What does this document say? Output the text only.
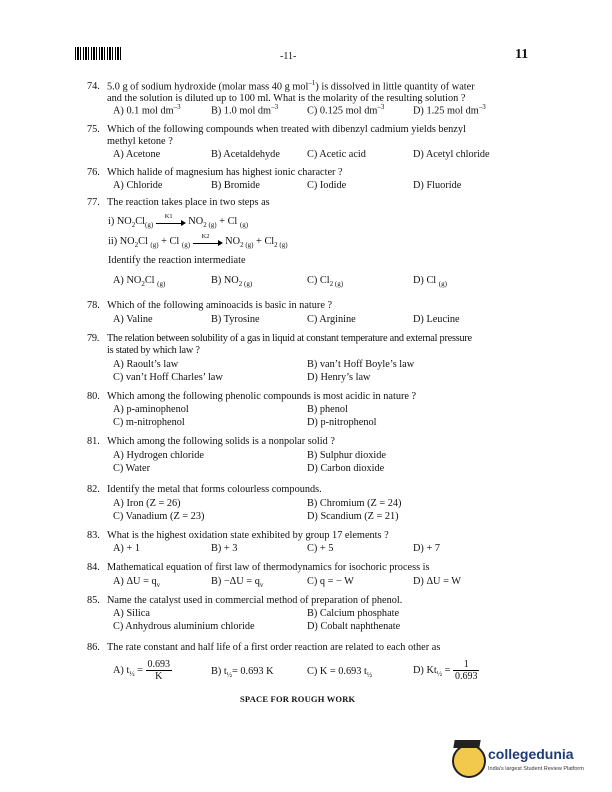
-11-	11
74. 5.0 g of sodium hydroxide (molar mass 40 g mol$^{-1}$) is dissolved in little quantity of water
and the solution is diluted up to 100 ml. What is the molarity of the resulting solution ?
A) 0.1 mol $dm^{-3}$	B) 1.0 mol $dm^{-3}$	C) 0.125 mol $dm^{-3}$	D) 1.25 mol $dm^{-3}$
75. Which of the following compounds when treated with dibenzyl cadmium yields benzyl
methyl ketone ?
A) Acetone	B) Acetaldehyde	C) Acetic acid	D) Acetyl chloride
76. Which halide of magnesium has highest ionic character ?
A) Chloride	B) Bromide	C) Iodide	D) Fluoride
77. The reaction takes place in two steps as
i) $NO_2Cl_{(g)}$
K1 $NO_{2 (g)} + Cl$ $_{(g)}$
ii) $NO_2Cl$ $_{(g)}$ + Cl $_{(g)}$
K2 $NO_{2 (g)} + Cl_{2 (g)}$
Identify the reaction intermediate
A) $NO_2Cl$ $_{(g)}$	B) $NO_{2 (g)}$	C) $Cl_{2 (g)}$	D) Cl $_{(g)}$
78. Which of the following aminoacids is basic in nature ?
A) Valine	B) Tyrosine	C) Arginine	D) Leucine
79. The relation between solubility of a gas in liquid at constant temperature and external pressure
is stated by which law ?
A) Raoult’s law	B) van’t Hoff Boyle’s law
C) van’t Hoff Charles’ law	D) Henry’s law
80. Which among the following phenolic compounds is most acidic in nature ?
A) p-aminophenol	B) phenol
C) m-nitrophenol	D) p-nitrophenol
81. Which among the following solids is a nonpolar solid ?
A) Hydrogen chloride	B) Sulphur dioxide
C) Water	D) Carbon dioxide
82. Identify the metal that forms colourless compounds.
A) Iron (Z = 26)	B) Chromium (Z = 24)
C) Vanadium (Z = 23)	D) Scandium (Z = 21)
83. What is the highest oxidation state exhibited by group 17 elements ?
A) + 1	B) + 3	C) + 5	D) + 7
84. Mathematical equation of first law of thermodynamics for isochoric process is
A) $\Delta U = q_v$	$B) -\Delta U = q_v$	C) q = − W	D) ΔU = W
85. Name the catalyst used in commercial method of preparation of phenol.
A) Silica	B) Calcium phosphate
C) Anhydrous aluminium chloride	D) Cobalt naphthenate
86. The rate constant and half life of a first order reaction are related to each other as
A) $t_{\frac{1}{2}} = \frac{0.693}{K}$	B) $t_{\frac{1}{2}}= 0.693$ K	C) K = 0.693 $t_{\frac{1}{2}}$	D) $Kt_{\frac{1}{2}} = \frac{1}{0.693}$
SPACE FOR ROUGH WORK
collegedunia
India's largest Student Review Platform
